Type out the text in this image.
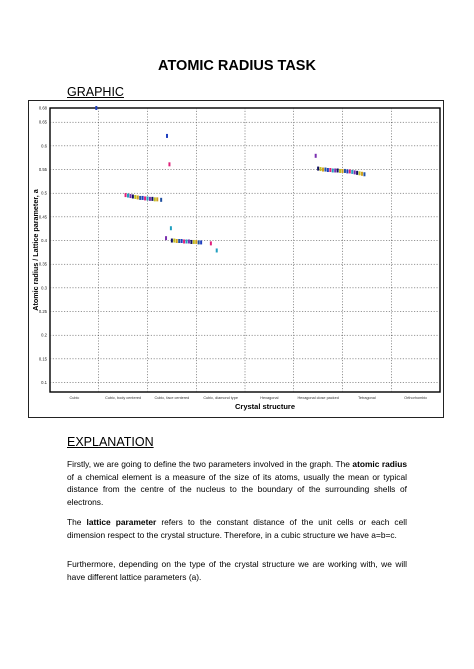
ATOMIC RADIUS TASK
GRAPHIC
0.68
0.65
0.6
0.55
0.5
0.45
0.4
0.35
0.3
0.25
0.2
0.15
0.1
Cubic	Cubic, body centered	Cubic, face centered	Cubic, diamond type	Hexagonal	Hexagonal close packed	Tetragonal	Orthorhombic
Atomic radius / Lattice parameter, a
Crystal structure
EXPLANATION

Firstly, we are going to define the two parameters involved in the graph. The atomic radius of a chemical element is a measure of the size of its atoms, usually the mean or typical distance from the centre of the nucleus to the boundary of the surrounding shells of electrons.

The lattice parameter refers to the constant distance of the unit cells or each cell dimension respect to the crystal structure. Therefore, in a cubic structure we have a=b=c.

Furthermore, depending on the type of the crystal structure we are working with, we will have different lattice parameters (a).
